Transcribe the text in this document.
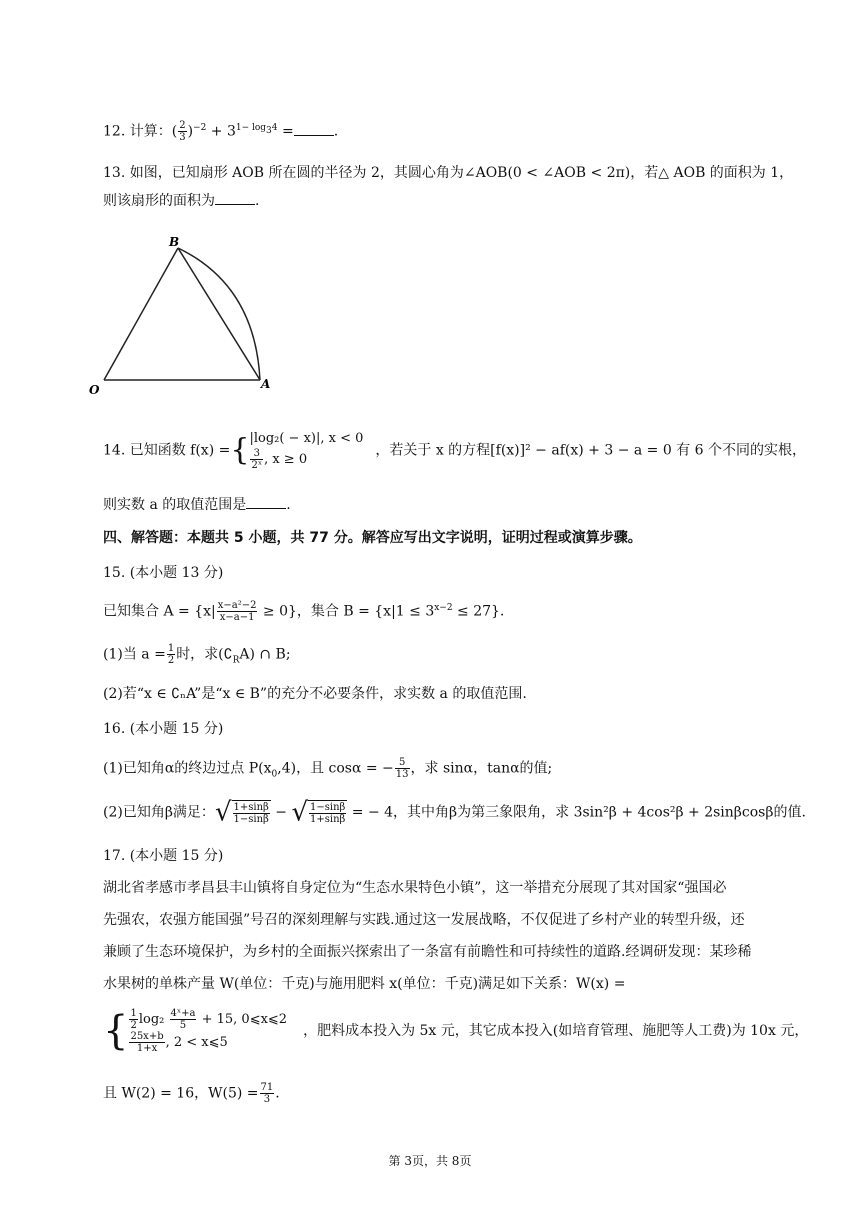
12. 计算：( $\frac{2}{3} )^{-2} + 3^{1- log_34}$ =	.
13. 如图，已知扇形 AOB 所在圆的半径为 2，其圆心角为∠AOB(0 < ∠AOB < 2π)，若△ AOB 的面积为 1，
则该扇形的面积为	.
B
O	A
14. 已知函数 f(x) ={ |log₂( − x)|, x < 0
$\frac{3}{\text{2ˣ}}$ , x ≥ 0
，若关于 x 的方程[f(x)]² − af(x) + 3 − a = 0 有 6 个不同的实根，
则实数 a 的取值范围是	.
四、解答题：本题共 5 小题，共 77 分。解答应写出文字说明，证明过程或演算步骤。
15. (本小题 13 分)
已知集合 $A = \{x| \frac{\text{x−a²−2}}{x-a-1} \ge 0\}$，集合 $B = \{x|1 \le 3^{x-2} \le 27\}$.
(1)当 $a = \frac{1}{2}$ 时，求$(∁_RA)$ ∩ B;
(2)若“x ∈ ∁ₙA”是“x ∈ B”的充分不必要条件，求实数 a 的取值范围.
16. (本小题 15 分)
(1)已知角α的终边过点 $P(x_0,4)$，且 cosα = − $\frac{5}{13}$ ，求 sinα，tanα的值;
(2)已知角β满足：√ $\frac{1+\sin\beta}{1-\sin\beta}$ − √ $\frac{1-\sin\beta}{1+\sin\beta}$ = − 4，其中角β为第三象限角，求 3sin²β + 4cos²β + 2sinβcosβ的值.
17. (本小题 15 分)
湖北省孝感市孝昌县丰山镇将自身定位为“生态水果特色小镇”，这一举措充分展现了其对国家“强国必
先强农，农强方能国强”号召的深刻理解与实践.通过这一发展战略，不仅促进了乡村产业的转型升级，还
兼顾了生态环境保护，为乡村的全面振兴探索出了一条富有前瞻性和可持续性的道路.经调研发现：某珍稀
水果树的单株产量 W(单位：千克)与施用肥料 x(单位：千克)满足如下关系：W(x) =
{ $\frac{1}{2} \log_2 \frac{\text{4ˣ+a}}{5} + 15$, 0⩽x⩽2
$\frac{25x+b}{1+x}$ , 2 < x⩽5
，肥料成本投入为 5x 元，其它成本投入(如培育管理、施肥等人工费)为 10x 元，
且 W(2) = 16，$W(5) = \frac{71}{3}$ .
第 3页，共 8页
